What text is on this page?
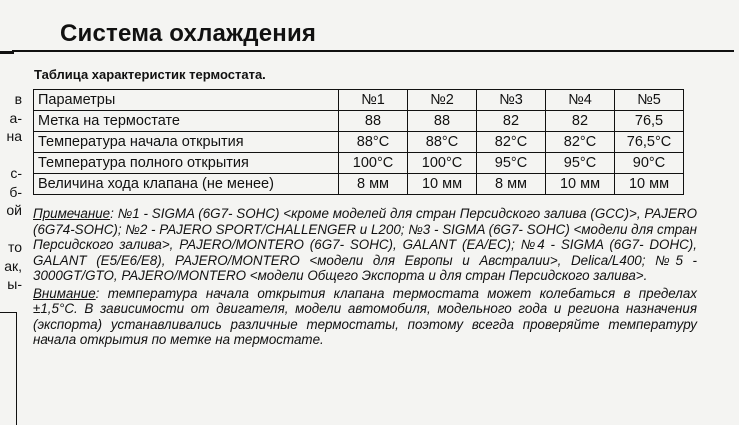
Система охлаждения
в
а-
на
с-
б-
ой
то
ак,
ы-
Таблица характеристик термостата.
Параметры	№1	№2	№3	№4	№5
Метка на термостате	88	88	82	82	76,5
Температура начала открытия	88°С	88°С	82°С	82°С	76,5°С
Температура полного открытия	100°С	100°С	95°С	95°С	90°С
Величина хода клапана (не менее)	8 мм	10 мм	8 мм	10 мм	10 мм

Примечание: №1 - SIGMA (6G7- SOHC) <кроме моделей для стран Персидского залива (GCC)>, PAJERO (6G74-SOHC); №2 - PAJERO SPORT/CHALLENGER и L200; №3 - SIGMA (6G7- SOHC) <модели для стран Персидского залива>, PAJERO/MONTERO (6G7- SOHC), GALANT (EA/EC); №4 - SIGMA (6G7- DOHC), GALANT (E5/E6/E8), PAJERO/MONTERO <модели для Европы и Австралии>, Delica/L400; №5 - 3000GT/GTO, PAJERO/MONTERO <модели Общего Экспорта и для стран Персидского залива>.

Внимание: температура начала открытия клапана термостата может колебаться в пределах ±1,5°С. В зависимости от двигателя, модели автомобиля, модельного года и региона назначения (экспорта) устанавливались различные термостаты, поэтому всегда проверяйте температуру начала открытия по метке на термостате.
